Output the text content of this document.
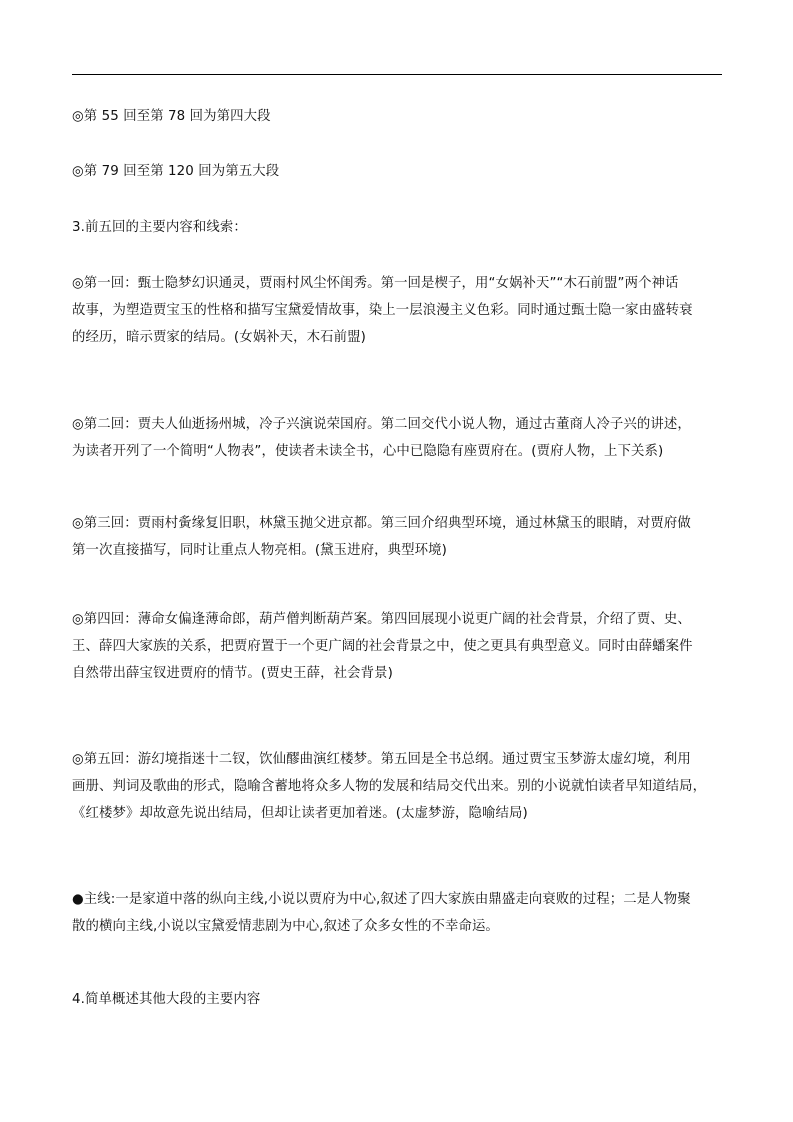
◎第 55 回至第 78 回为第四大段
◎第 79 回至第 120 回为第五大段
3.前五回的主要内容和线索：
◎第一回：甄士隐梦幻识通灵，贾雨村风尘怀闺秀。第一回是楔子，用“女娲补天”“木石前盟”两个神话
故事，为塑造贾宝玉的性格和描写宝黛爱情故事，染上一层浪漫主义色彩。同时通过甄士隐一家由盛转衰
的经历，暗示贾家的结局。(女娲补天，木石前盟)
◎第二回：贾夫人仙逝扬州城，冷子兴演说荣国府。第二回交代小说人物，通过古董商人冷子兴的讲述，
为读者开列了一个简明“人物表”，使读者未读全书，心中已隐隐有座贾府在。(贾府人物，上下关系)
◎第三回：贾雨村夤缘复旧职，林黛玉抛父进京都。第三回介绍典型环境，通过林黛玉的眼睛，对贾府做
第一次直接描写，同时让重点人物亮相。(黛玉进府，典型环境)
◎第四回：薄命女偏逢薄命郎，葫芦僧判断葫芦案。第四回展现小说更广阔的社会背景，介绍了贾、史、
王、薛四大家族的关系，把贾府置于一个更广阔的社会背景之中，使之更具有典型意义。同时由薛蟠案件
自然带出薛宝钗进贾府的情节。(贾史王薛，社会背景)
◎第五回：游幻境指迷十二钗，饮仙醪曲演红楼梦。第五回是全书总纲。通过贾宝玉梦游太虚幻境，利用
画册、判词及歌曲的形式，隐喻含蓄地将众多人物的发展和结局交代出来。别的小说就怕读者早知道结局，
《红楼梦》却故意先说出结局，但却让读者更加着迷。(太虚梦游，隐喻结局)
●主线:一是家道中落的纵向主线,小说以贾府为中心,叙述了四大家族由鼎盛走向衰败的过程；二是人物聚
散的横向主线,小说以宝黛爱情悲剧为中心,叙述了众多女性的不幸命运。
4.简单概述其他大段的主要内容
